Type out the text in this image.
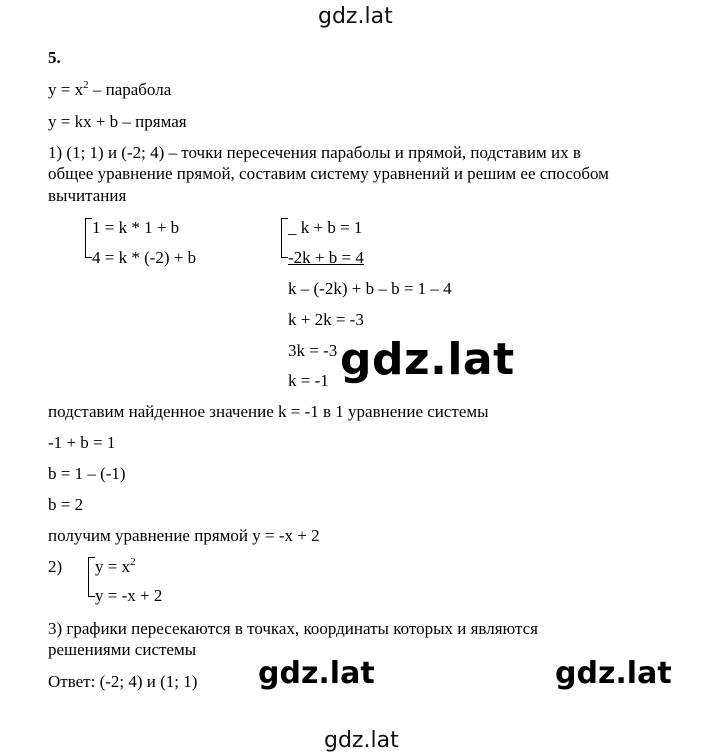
gdz.lat
gdz.lat
gdz.lat	gdz.lat
gdz.lat
5.
$y = x^2$ – парабола
y = kx + b – прямая
1) (1; 1) и (-2; 4) – точки пересечения параболы и прямой, подставим их в
общее уравнение прямой, составим систему уравнений и решим ее способом
вычитания
1 = k * 1 + b
4 = k * (-2) + b
_ k + b = 1
-2k + b = 4
k – (-2k) + b – b = 1 – 4
k + 2k = -3
3k = -3
k = -1
подставим найденное значение k = -1 в 1 уравнение системы
-1 + b = 1
b = 1 – (-1)
b = 2
получим уравнение прямой y = -x + 2
2) $y = x^2$
y = -x + 2
3) графики пересекаются в точках, координаты которых и являются
решениями системы
Ответ: (-2; 4) и (1; 1)
